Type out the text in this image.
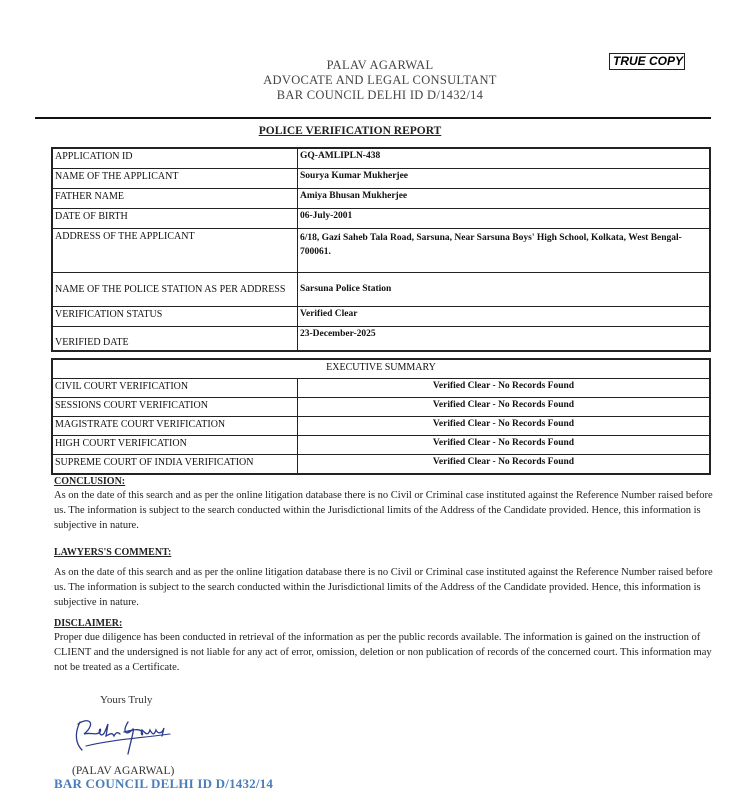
TRUE COPY
PALAV AGARWAL
ADVOCATE AND LEGAL CONSULTANT
BAR COUNCIL DELHI ID D/1432/14
POLICE VERIFICATION REPORT
APPLICATION ID	GQ-AMLIPLN-438
NAME OF THE APPLICANT	Sourya Kumar Mukherjee
FATHER NAME	Amiya Bhusan Mukherjee
DATE OF BIRTH	06-July-2001
ADDRESS OF THE APPLICANT	6/18, Gazi Saheb Tala Road, Sarsuna, Near Sarsuna Boys' High School, Kolkata, West Bengal-700061.
NAME OF THE POLICE STATION AS PER ADDRESS	Sarsuna Police Station
VERIFICATION STATUS	Verified Clear
VERIFIED DATE	23-December-2025
EXECUTIVE SUMMARY	
CIVIL COURT VERIFICATION	Verified Clear - No Records Found
SESSIONS COURT VERIFICATION	Verified Clear - No Records Found
MAGISTRATE COURT VERIFICATION	Verified Clear - No Records Found
HIGH COURT VERIFICATION	Verified Clear - No Records Found
SUPREME COURT OF INDIA VERIFICATION	Verified Clear - No Records Found
CONCLUSION:

As on the date of this search and as per the online litigation database there is no Civil or Criminal case instituted against the Reference Number raised before us. The information is subject to the search conducted within the Jurisdictional limits of the Address of the Candidate provided. Hence, this information is subjective in nature.

LAWYERS'S COMMENT:

As on the date of this search and as per the online litigation database there is no Civil or Criminal case instituted against the Reference Number raised before us. The information is subject to the search conducted within the Jurisdictional limits of the Address of the Candidate provided. Hence, this information is subjective in nature.

DISCLAIMER:

Proper due diligence has been conducted in retrieval of the information as per the public records available. The information is gained on the instruction of CLIENT and the undersigned is not liable for any act of error, omission, deletion or non publication of records of the concerned court. This information may not be treated as a Certificate.

Yours Truly
(PALAV AGARWAL)
BAR COUNCIL DELHI ID D/1432/14
